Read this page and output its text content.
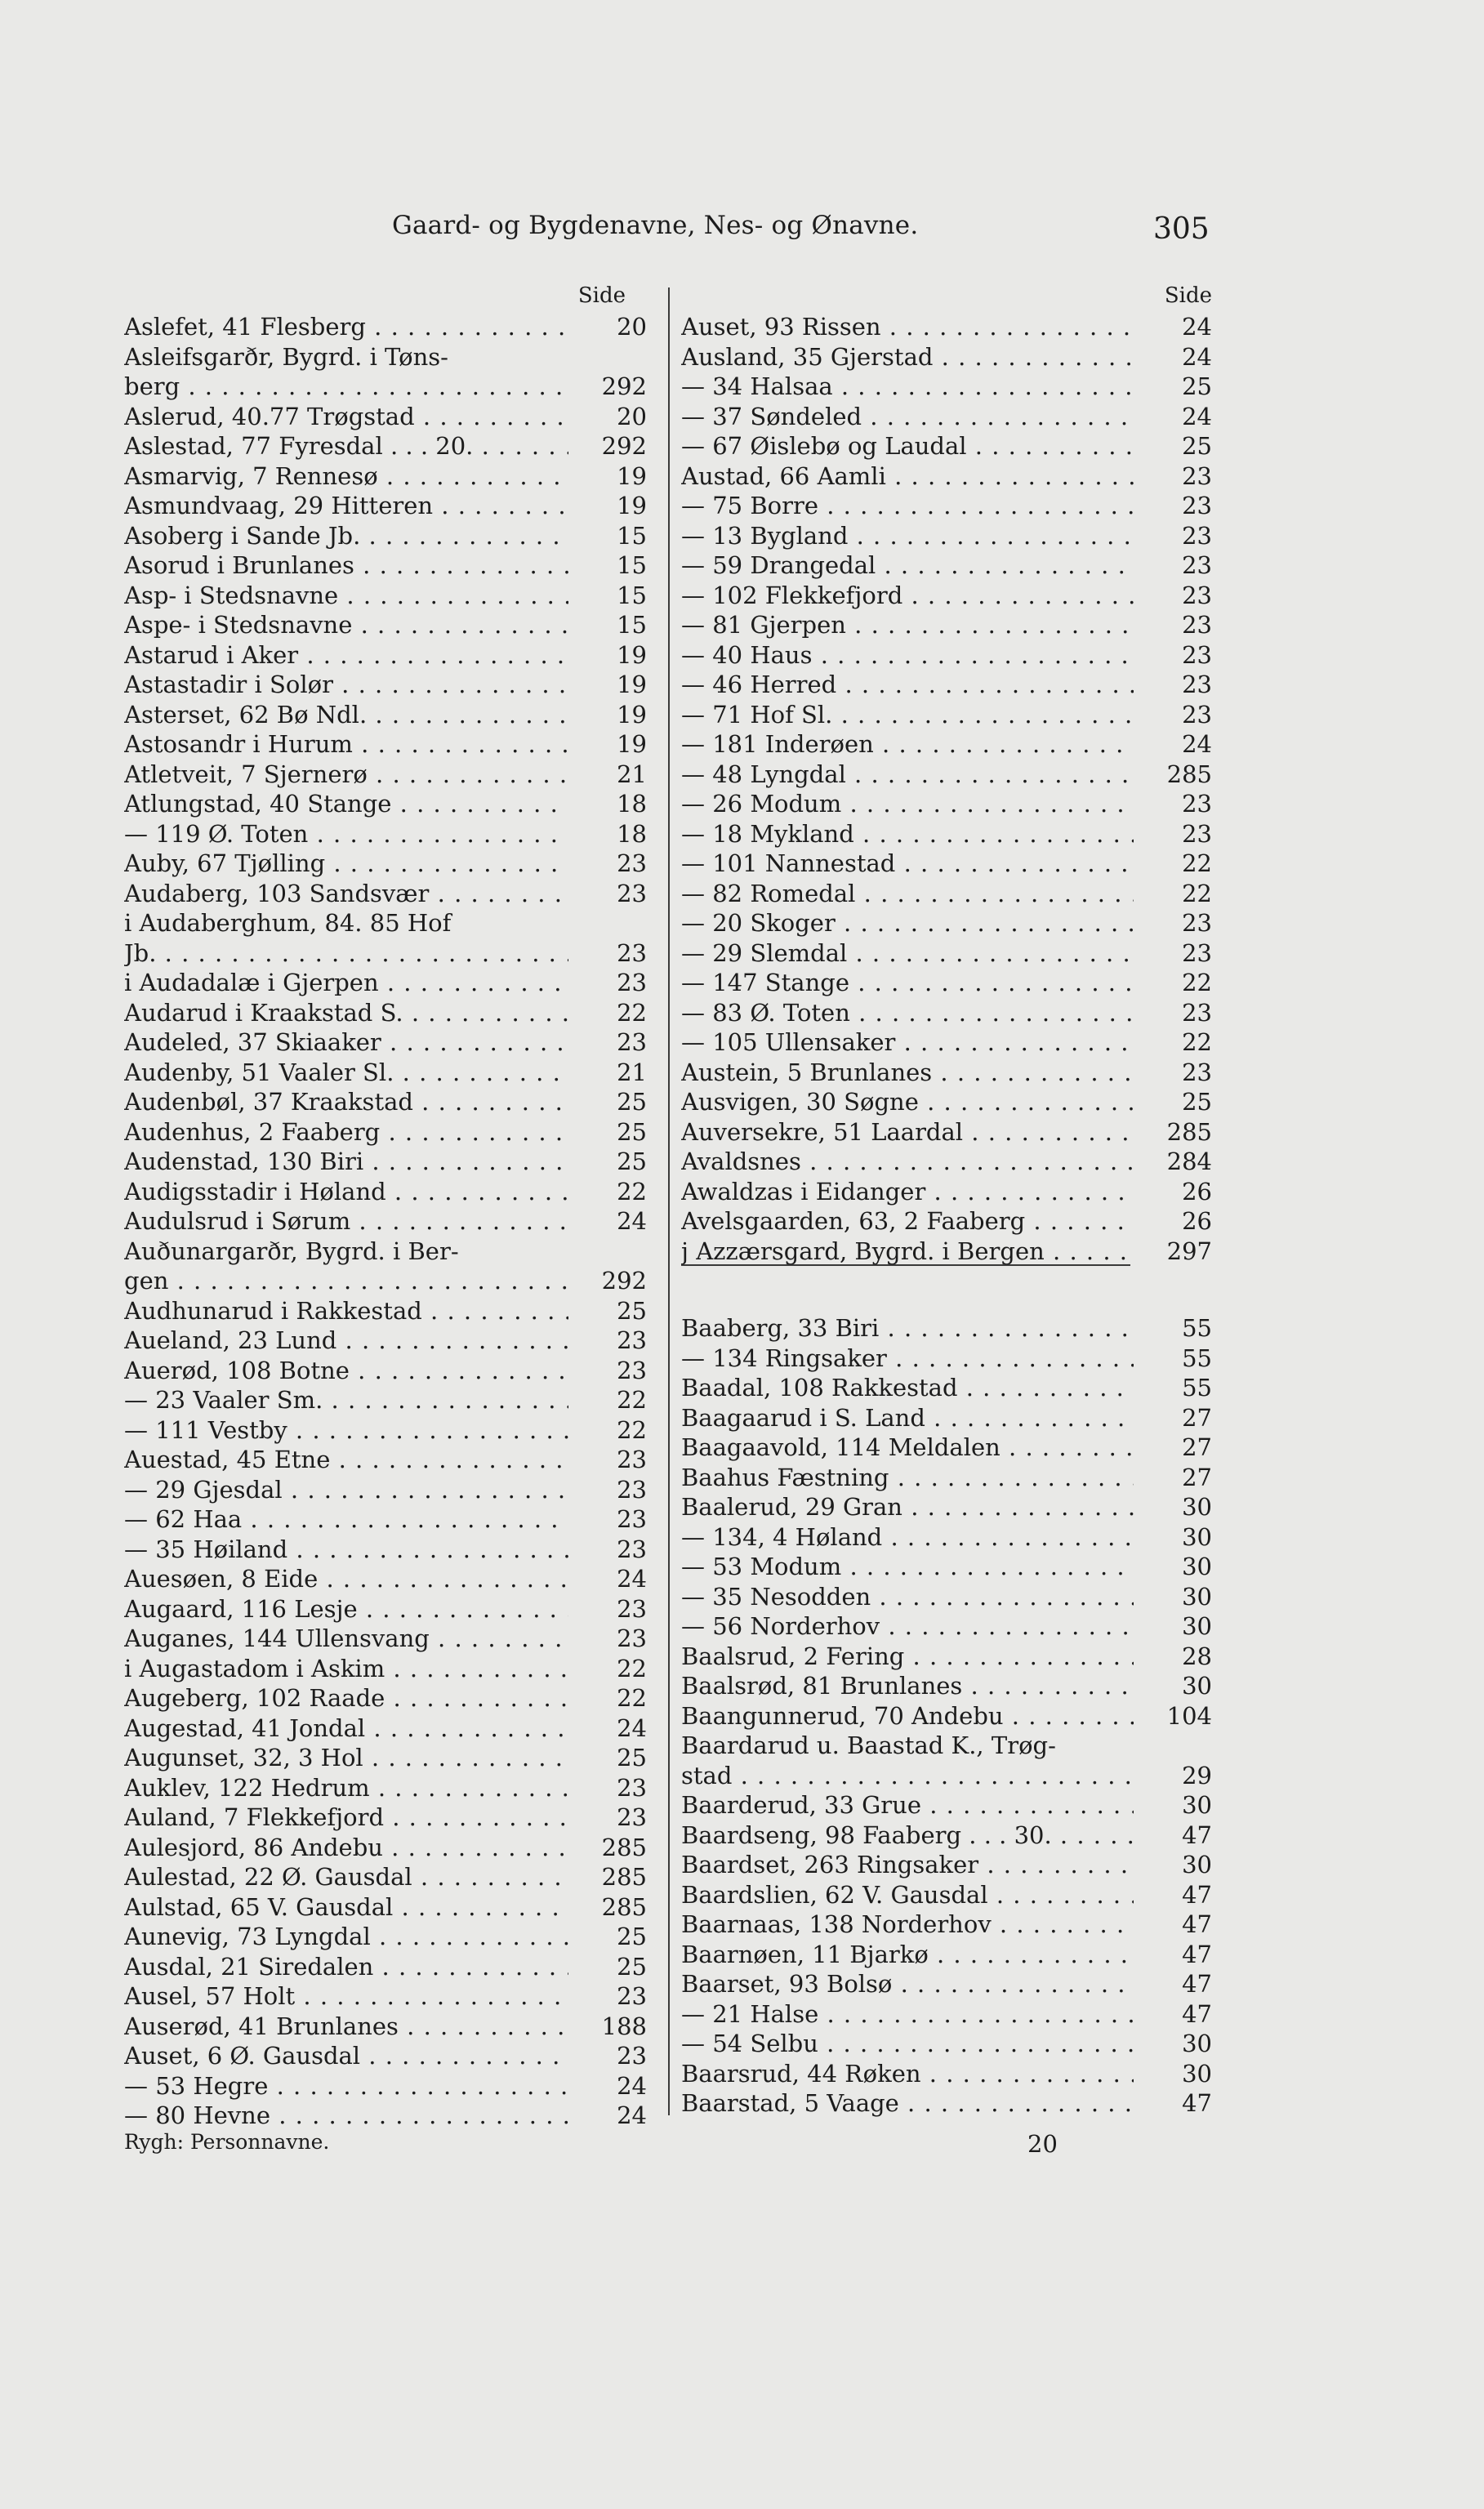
Gaard- og Bygdenavne, Nes- og Ønavne.	305
Side
Aslefet, 41 Flesberg . . .	20
Asleifsgarðr, Bygrd. i Tøns-
berg . . .	292
Aslerud, 40.77 Trøgstad . . .	20
Aslestad, 77 Fyresdal . . . 20. . . .	292
Asmarvig, 7 Rennesø . . .	19
Asmundvaag, 29 Hitteren . . .	19
Asoberg i Sande Jb. . . .	15
Asorud i Brunlanes . . .	15
Asp- i Stedsnavne . . .	15
Aspe- i Stedsnavne . . .	15
Astarud i Aker . . .	19
Astastadir i Solør . . .	19
Asterset, 62 Bø Ndl. . . .	19
Astosandr i Hurum . . .	19
Atletveit, 7 Sjernerø . . .	21
Atlungstad, 40 Stange . . .	18
— 119 Ø. Toten . . .	18
Auby, 67 Tjølling . . .	23
Audaberg, 103 Sandsvær . . .	23
i Audaberghum, 84. 85 Hof
Jb. . . .	23
i Audadalæ i Gjerpen . . .	23
Audarud i Kraakstad S. . . .	22
Audeled, 37 Skiaaker . . .	23
Audenby, 51 Vaaler Sl. . . .	21
Audenbøl, 37 Kraakstad . . .	25
Audenhus, 2 Faaberg . . .	25
Audenstad, 130 Biri . . .	25
Audigsstadir i Høland . . .	22
Audulsrud i Sørum . . .	24
Auðunargarðr, Bygrd. i Ber-
gen . . .	292
Audhunarud i Rakkestad . . .	25
Aueland, 23 Lund . . .	23
Auerød, 108 Botne . . .	23
— 23 Vaaler Sm. . . .	22
— 111 Vestby . . .	22
Auestad, 45 Etne . . .	23
— 29 Gjesdal . . .	23
— 62 Haa . . .	23
— 35 Høiland . . .	23
Auesøen, 8 Eide . . .	24
Augaard, 116 Lesje . . .	23
Auganes, 144 Ullensvang . . .	23
i Augastadom i Askim . . .	22
Augeberg, 102 Raade . . .	22
Augestad, 41 Jondal . . .	24
Augunset, 32, 3 Hol . . .	25
Auklev, 122 Hedrum . . .	23
Auland, 7 Flekkefjord . . .	23
Aulesjord, 86 Andebu . . .	285
Aulestad, 22 Ø. Gausdal . . .	285
Aulstad, 65 V. Gausdal . . .	285
Aunevig, 73 Lyngdal . . .	25
Ausdal, 21 Siredalen . . .	25
Ausel, 57 Holt . . .	23
Auserød, 41 Brunlanes . . .	188
Auset, 6 Ø. Gausdal . . .	23
— 53 Hegre . . .	24
— 80 Hevne . . .	24
Side
Auset, 93 Rissen . . .	24
Ausland, 35 Gjerstad . . .	24
— 34 Halsaa . . .	25
— 37 Søndeled . . .	24
— 67 Øislebø og Laudal . . .	25
Austad, 66 Aamli . . .	23
— 75 Borre . . .	23
— 13 Bygland . . .	23
— 59 Drangedal . . .	23
— 102 Flekkefjord . . .	23
— 81 Gjerpen . . .	23
— 40 Haus . . .	23
— 46 Herred . . .	23
— 71 Hof Sl. . . .	23
— 181 Inderøen . . .	24
— 48 Lyngdal . . .	285
— 26 Modum . . .	23
— 18 Mykland . . .	23
— 101 Nannestad . . .	22
— 82 Romedal . . .	22
— 20 Skoger . . .	23
— 29 Slemdal . . .	23
— 147 Stange . . .	22
— 83 Ø. Toten . . .	23
— 105 Ullensaker . . .	22
Austein, 5 Brunlanes . . .	23
Ausvigen, 30 Søgne . . .	25
Auversekre, 51 Laardal . . .	285
Avaldsnes . . .	284
Awaldzas i Eidanger . . .	26
Avelsgaarden, 63, 2 Faaberg . . .	26
j Azzærsgard, Bygrd. i Bergen . . .	297
Baaberg, 33 Biri . . .	55
— 134 Ringsaker . . .	55
Baadal, 108 Rakkestad . . .	55
Baagaarud i S. Land . . .	27
Baagaavold, 114 Meldalen . . .	27
Baahus Fæstning . . .	27
Baalerud, 29 Gran . . .	30
— 134, 4 Høland . . .	30
— 53 Modum . . .	30
— 35 Nesodden . . .	30
— 56 Norderhov . . .	30
Baalsrud, 2 Fering . . .	28
Baalsrød, 81 Brunlanes . . .	30
Baangunnerud, 70 Andebu . . .	104
Baardarud u. Baastad K., Trøg-
stad . . .	29
Baarderud, 33 Grue . . .	30
Baardseng, 98 Faaberg . . . 30. . . .	47
Baardset, 263 Ringsaker . . .	30
Baardslien, 62 V. Gausdal . . .	47
Baarnaas, 138 Norderhov . . .	47
Baarnøen, 11 Bjarkø . . .	47
Baarset, 93 Bolsø . . .	47
— 21 Halse . . .	47
— 54 Selbu . . .	30
Baarsrud, 44 Røken . . .	30
Baarstad, 5 Vaage . . .	47
Rygh: Personnavne.	20
